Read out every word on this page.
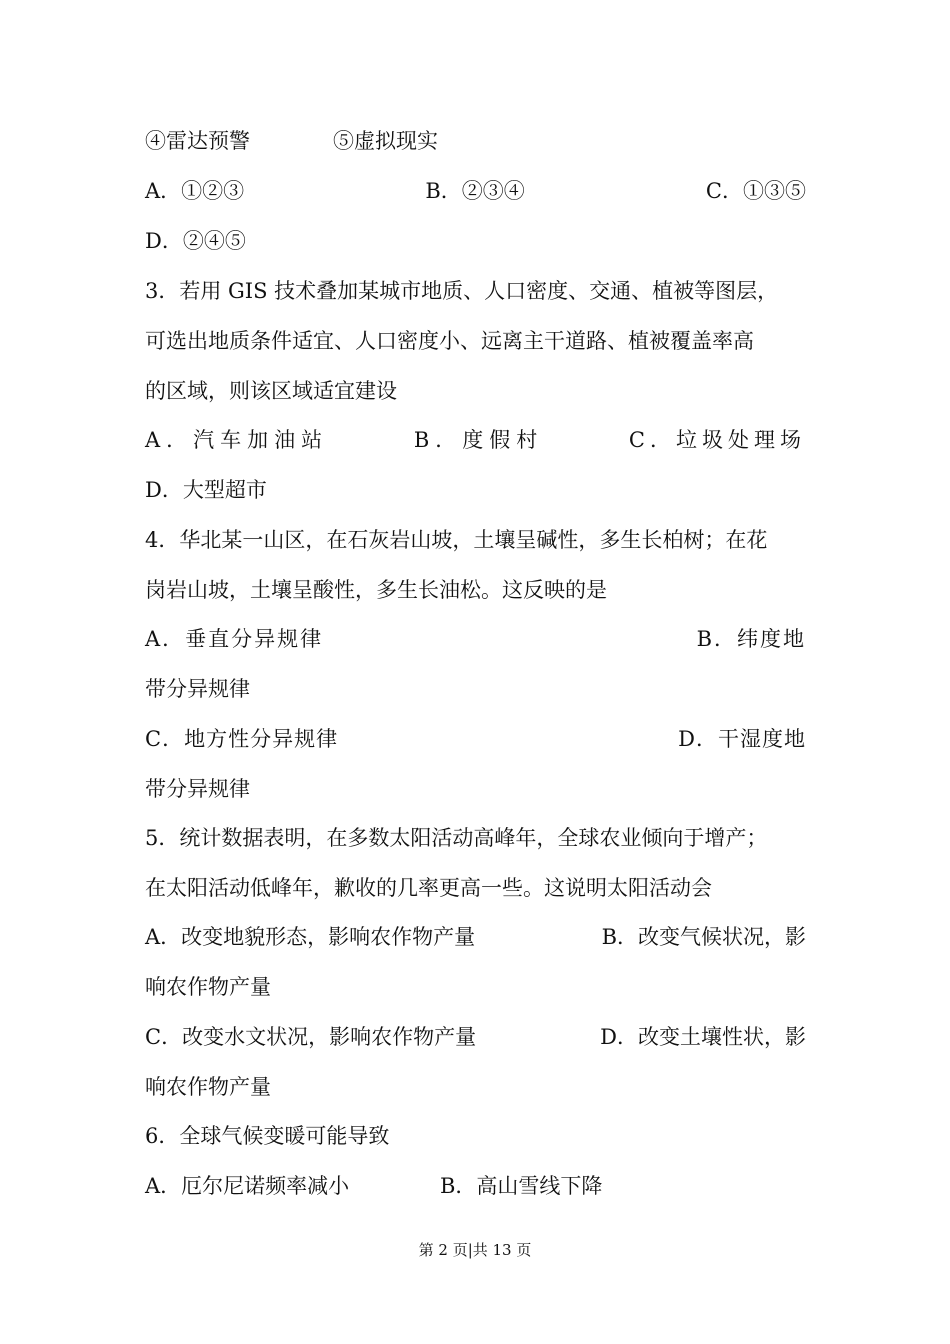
④雷达预警	⑤虚拟现实
A．①②③	B．②③④	C．①③⑤
D．②④⑤
3．若用 GIS 技术叠加某城市地质、人口密度、交通、植被等图层，
可选出地质条件适宜、人口密度小、远离主干道路、植被覆盖率高
的区域，则该区域适宜建设
A．汽车加油站	B．度假村	C．垃圾处理场
D．大型超市
4．华北某一山区，在石灰岩山坡，土壤呈碱性，多生长柏树；在花
岗岩山坡，土壤呈酸性，多生长油松。这反映的是
A．垂直分异规律	B．纬度地
带分异规律
C．地方性分异规律	D．干湿度地
带分异规律
5．统计数据表明，在多数太阳活动高峰年，全球农业倾向于增产；
在太阳活动低峰年，歉收的几率更高一些。这说明太阳活动会
A．改变地貌形态，影响农作物产量	B．改变气候状况，影
响农作物产量
C．改变水文状况，影响农作物产量	D．改变土壤性状，影
响农作物产量
6．全球气候变暖可能导致
A．厄尔尼诺频率减小	B．高山雪线下降
第 2 页|共 13 页
